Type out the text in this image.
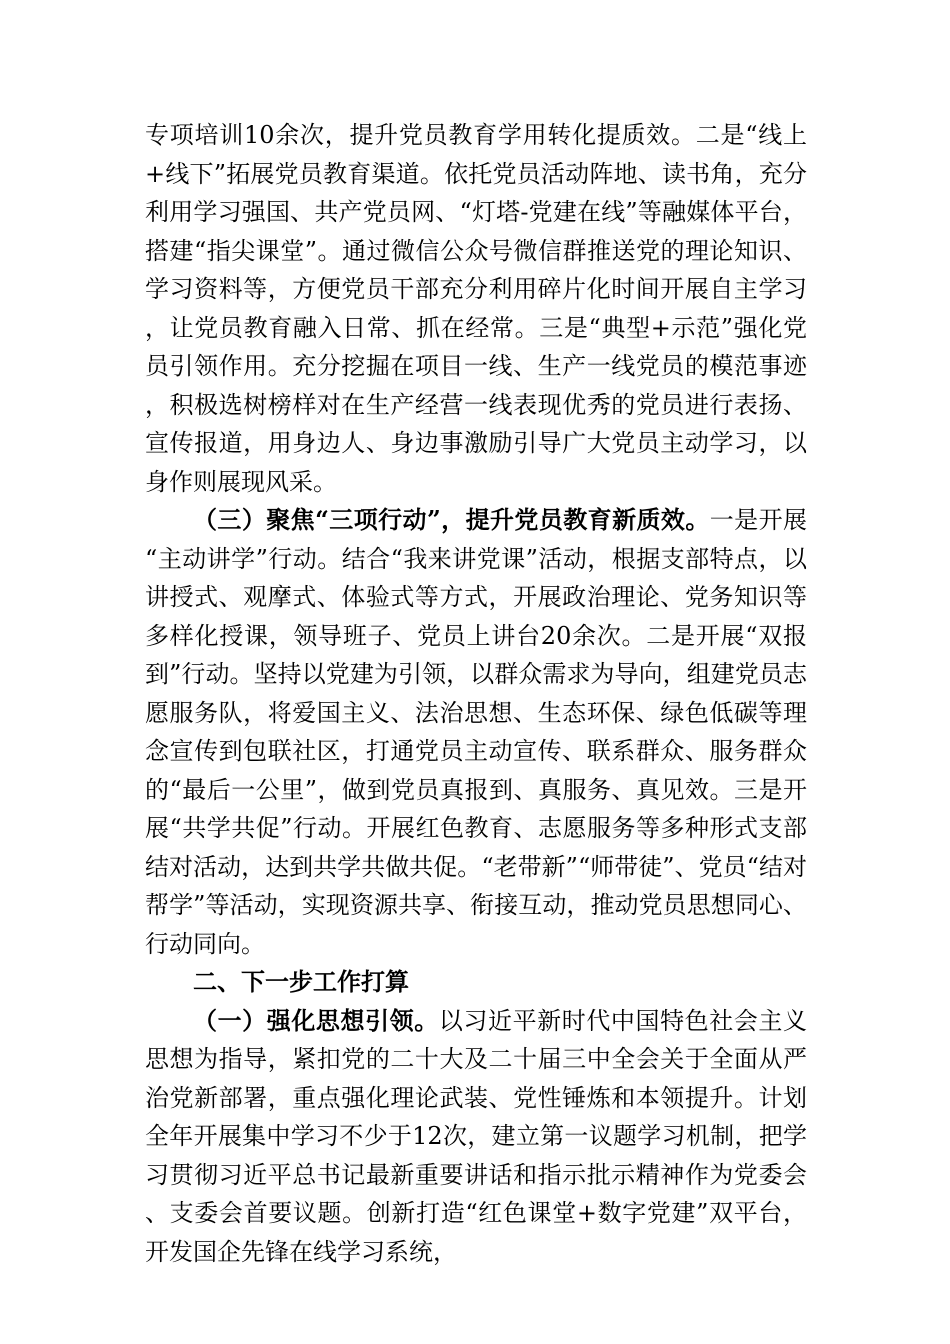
专项培训10余次，提升党员教育学用转化提质效。二是“线上+线下”拓展党员教育渠道。依托党员活动阵地、读书角，充分利用学习强国、共产党员网、“灯塔-党建在线”等融媒体平台，搭建“指尖课堂”。通过微信公众号微信群推送党的理论知识、学习资料等，方便党员干部充分利用碎片化时间开展自主学习，让党员教育融入日常、抓在经常。三是“典型+示范”强化党员引领作用。充分挖掘在项目一线、生产一线党员的模范事迹，积极选树榜样对在生产经营一线表现优秀的党员进行表扬、宣传报道，用身边人、身边事激励引导广大党员主动学习，以身作则展现风采。

（三）聚焦“三项行动”，提升党员教育新质效。一是开展“主动讲学”行动。结合“我来讲党课”活动，根据支部特点，以讲授式、观摩式、体验式等方式，开展政治理论、党务知识等多样化授课，领导班子、党员上讲台20余次。二是开展“双报到”行动。坚持以党建为引领，以群众需求为导向，组建党员志愿服务队，将爱国主义、法治思想、生态环保、绿色低碳等理念宣传到包联社区，打通党员主动宣传、联系群众、服务群众的“最后一公里”，做到党员真报到、真服务、真见效。三是开展“共学共促”行动。开展红色教育、志愿服务等多种形式支部结对活动，达到共学共做共促。“老带新”“师带徒”、党员“结对帮学”等活动，实现资源共享、衔接互动，推动党员思想同心、行动同向。

二、下一步工作打算

（一）强化思想引领。以习近平新时代中国特色社会主义思想为指导，紧扣党的二十大及二十届三中全会关于全面从严治党新部署，重点强化理论武装、党性锤炼和本领提升。计划全年开展集中学习不少于12次，建立第一议题学习机制，把学习贯彻习近平总书记最新重要讲话和指示批示精神作为党委会、支委会首要议题。创新打造“红色课堂+数字党建”双平台，开发国企先锋在线学习系统，
